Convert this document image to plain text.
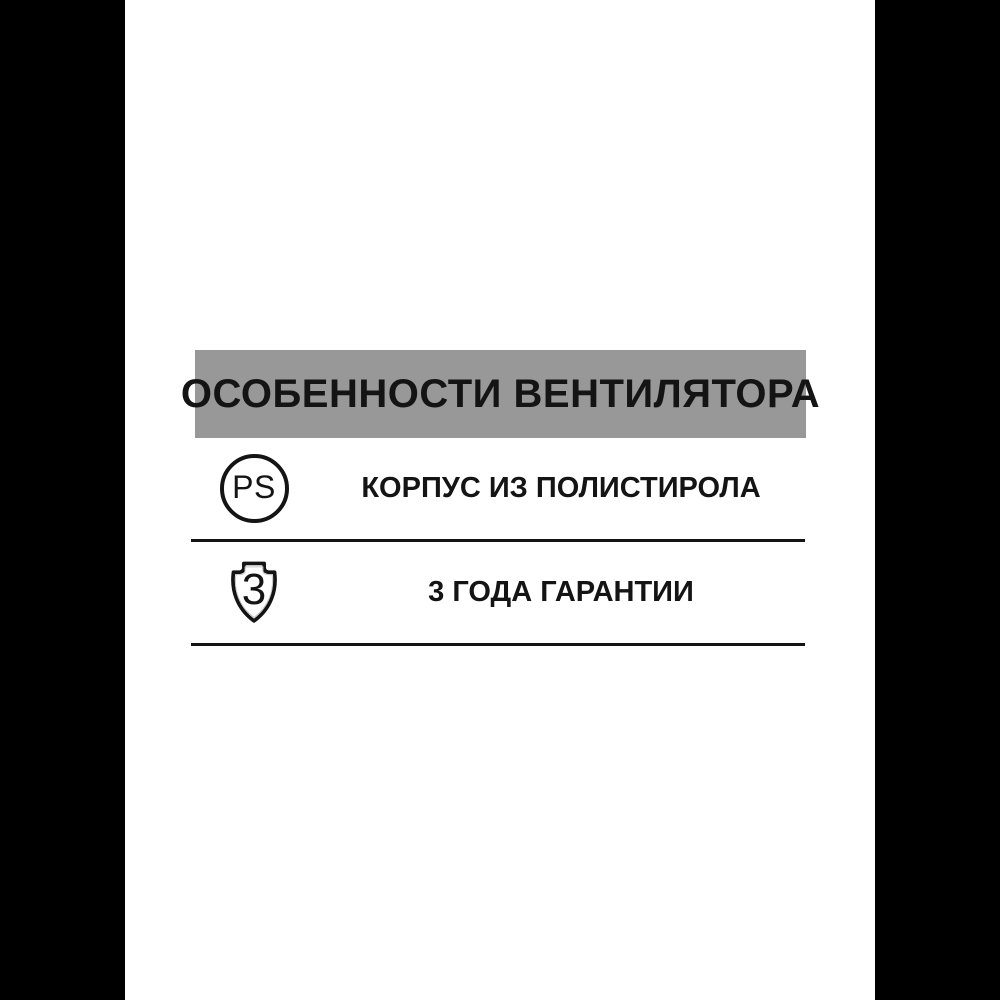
ОСОБЕННОСТИ ВЕНТИЛЯТОРА
PS	КОРПУС ИЗ ПОЛИСТИРОЛА
3	3 ГОДА ГАРАНТИИ
